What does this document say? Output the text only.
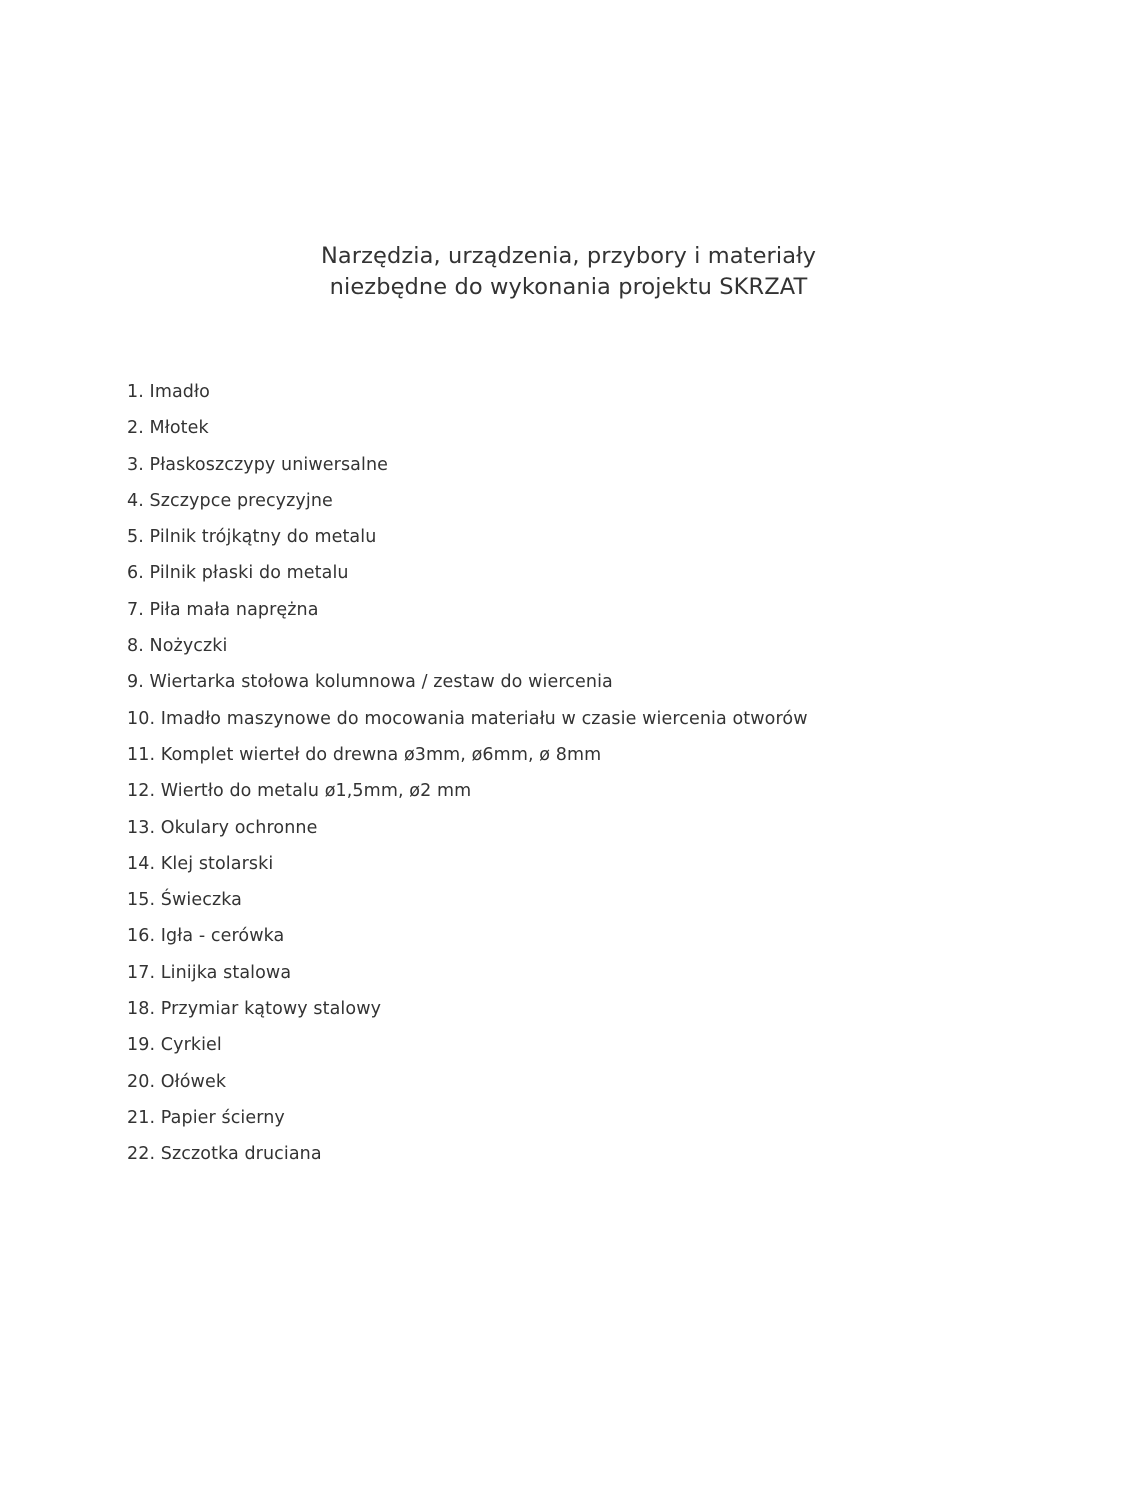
Narzędzia, urządzenia, przybory i materiały
niezbędne do wykonania projektu SKRZAT
1. Imadło
2. Młotek
3. Płaskoszczypy uniwersalne
4. Szczypce precyzyjne
5. Pilnik trójkątny do metalu
6. Pilnik płaski do metalu
7. Piła mała naprężna
8. Nożyczki
9. Wiertarka stołowa kolumnowa / zestaw do wiercenia
10. Imadło maszynowe do mocowania materiału w czasie wiercenia otworów
11. Komplet wierteł do drewna ø3mm, ø6mm, ø 8mm
12. Wiertło do metalu ø1,5mm, ø2 mm
13. Okulary ochronne
14. Klej stolarski
15. Świeczka
16. Igła - cerówka
17. Linijka stalowa
18. Przymiar kątowy stalowy
19. Cyrkiel
20. Ołówek
21. Papier ścierny
22. Szczotka druciana
